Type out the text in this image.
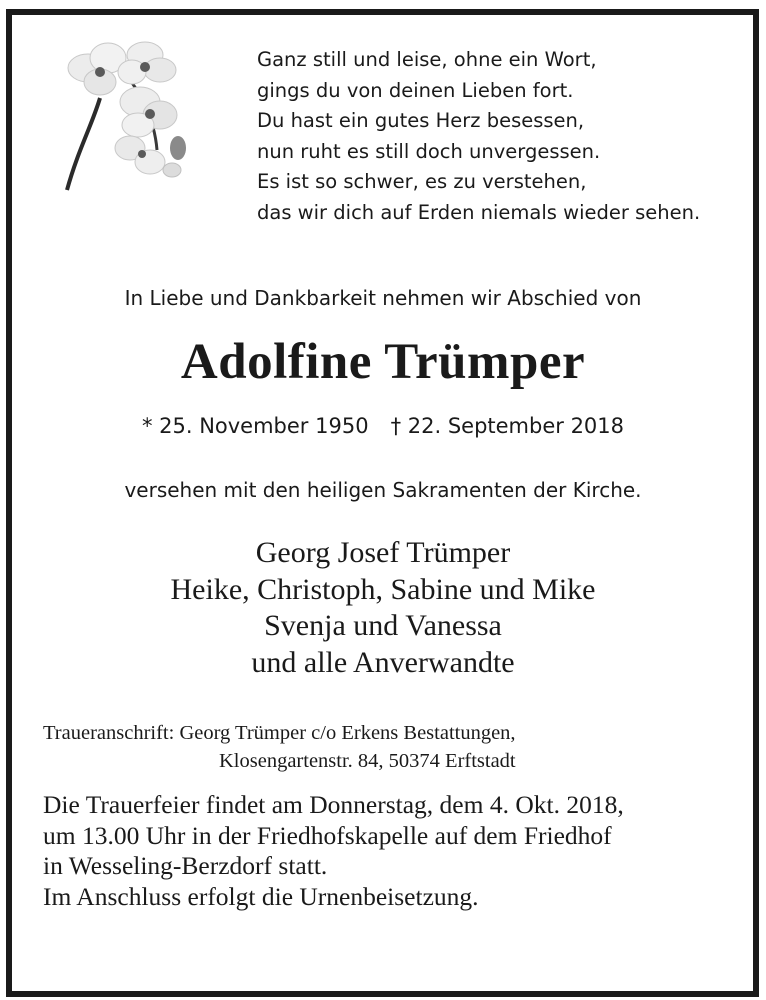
Ganz still und leise, ohne ein Wort,
gings du von deinen Lieben fort.
Du hast ein gutes Herz besessen,
nun ruht es still doch unvergessen.
Es ist so schwer, es zu verstehen,
das wir dich auf Erden niemals wieder sehen.
In Liebe und Dankbarkeit nehmen wir Abschied von
Adolfine Trümper
* 25. November 1950 † 22. September 2018
versehen mit den heiligen Sakramenten der Kirche.
Georg Josef Trümper
Heike, Christoph, Sabine und Mike
Svenja und Vanessa
und alle Anverwandte
Traueranschrift: Georg Trümper c/o Erkens Bestattungen,
Klosengartenstr. 84, 50374 Erftstadt
Die Trauerfeier findet am Donnerstag, dem 4. Okt. 2018,
um 13.00 Uhr in der Friedhofskapelle auf dem Friedhof
in Wesseling-Berzdorf statt.
Im Anschluss erfolgt die Urnenbeisetzung.
